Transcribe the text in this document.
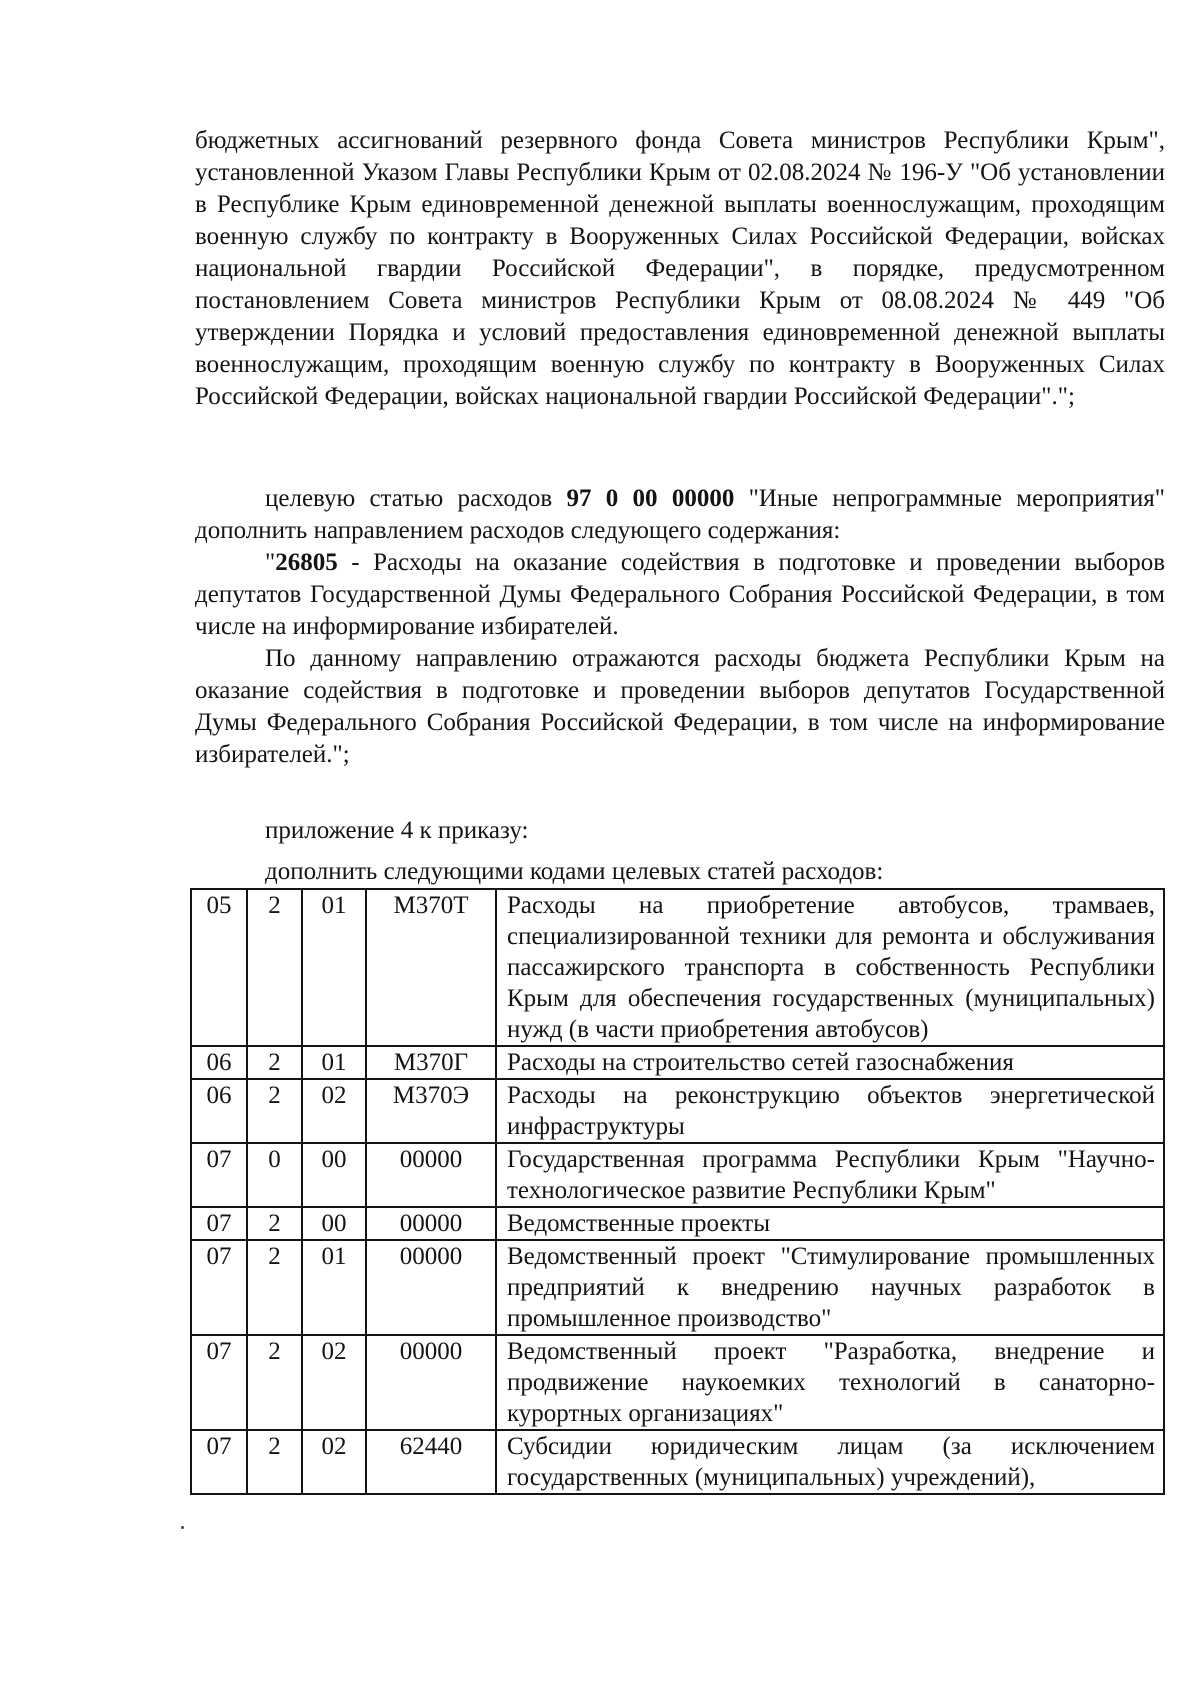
бюджетных ассигнований резервного фонда Совета министров Республики Крым", установленной Указом Главы Республики Крым от 02.08.2024 № 196-У "Об установлении в Республике Крым единовременной денежной выплаты военнослужащим, проходящим военную службу по контракту в Вооруженных Силах Российской Федерации, войсках национальной гвардии Российской Федерации", в порядке, предусмотренном постановлением Совета министров Республики Крым от 08.08.2024 № 449 "Об утверждении Порядка и условий предоставления единовременной денежной выплаты военнослужащим, проходящим военную службу по контракту в Вооруженных Силах Российской Федерации, войсках национальной гвардии Российской Федерации".";

целевую статью расходов 97 0 00 00000 "Иные непрограммные мероприятия" дополнить направлением расходов следующего содержания:

"26805 - Расходы на оказание содействия в подготовке и проведении выборов депутатов Государственной Думы Федерального Собрания Российской Федерации, в том числе на информирование избирателей.

По данному направлению отражаются расходы бюджета Республики Крым на оказание содействия в подготовке и проведении выборов депутатов Государственной Думы Федерального Собрания Российской Федерации, в том числе на информирование избирателей.";

приложение 4 к приказу:
дополнить следующими кодами целевых статей расходов:
05	2	01	М370Т	Расходы на приобретение автобусов, трамваев, специализированной техники для ремонта и обслуживания пассажирского транспорта в собственность Республики Крым для обеспечения государственных (муниципальных) нужд (в части приобретения автобусов)
06	2	01	М370Г	Расходы на строительство сетей газоснабжения
06	2	02	М370Э	Расходы на реконструкцию объектов энергетической инфраструктуры
07	0	00	00000	Государственная программа Республики Крым "Научно-технологическое развитие Республики Крым"
07	2	00	00000	Ведомственные проекты
07	2	01	00000	Ведомственный проект "Стимулирование промышленных предприятий к внедрению научных разработок в промышленное производство"
07	2	02	00000	Ведомственный проект "Разработка, внедрение и продвижение наукоемких технологий в санаторно-курортных организациях"
07	2	02	62440	Субсидии юридическим лицам (за исключением государственных (муниципальных) учреждений),
